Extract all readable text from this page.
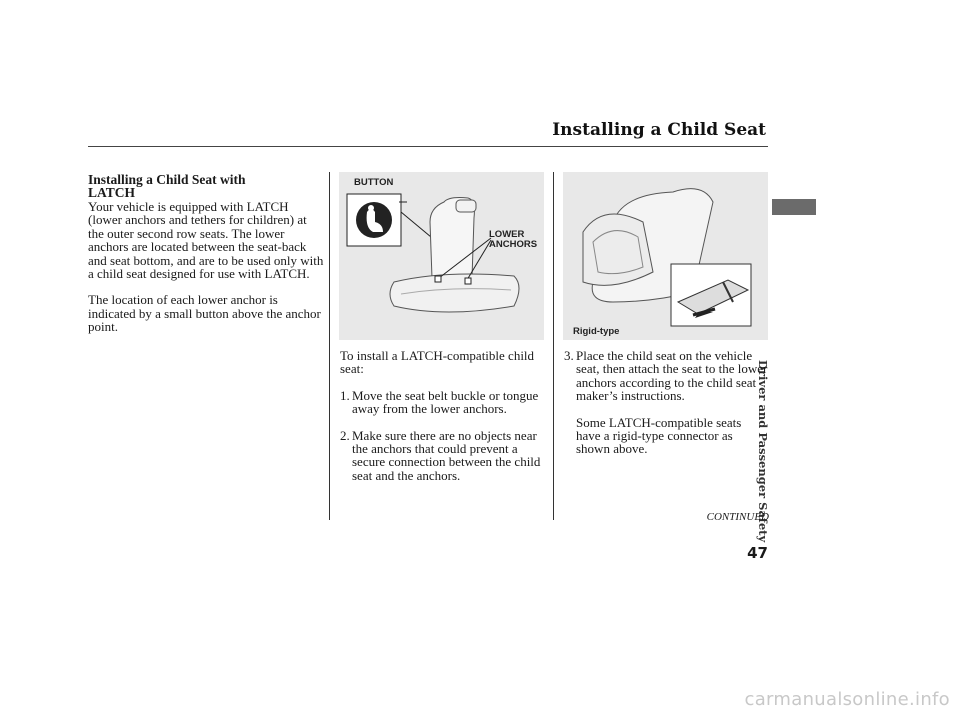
Installing a Child Seat
Driver and Passenger Safety
Installing a Child Seat with LATCH

Your vehicle is equipped with LATCH (lower anchors and tethers for children) at the outer second row seats. The lower anchors are located between the seat-back and seat bottom, and are to be used only with a child seat designed for use with LATCH.

The location of each lower anchor is indicated by a small button above the anchor point.

BUTTON
LOWER ANCHORS

To install a LATCH-compatible child seat:

1. Move the seat belt buckle or tongue away from the lower anchors.
2. Make sure there are no objects near the anchors that could prevent a secure connection between the child seat and the anchors.
Rigid-type
3. Place the child seat on the vehicle seat, then attach the seat to the lower anchors according to the child seat maker’s instructions.

Some LATCH-compatible seats have a rigid-type connector as shown above.

CONTINUED
47
carmanualsonline.info
